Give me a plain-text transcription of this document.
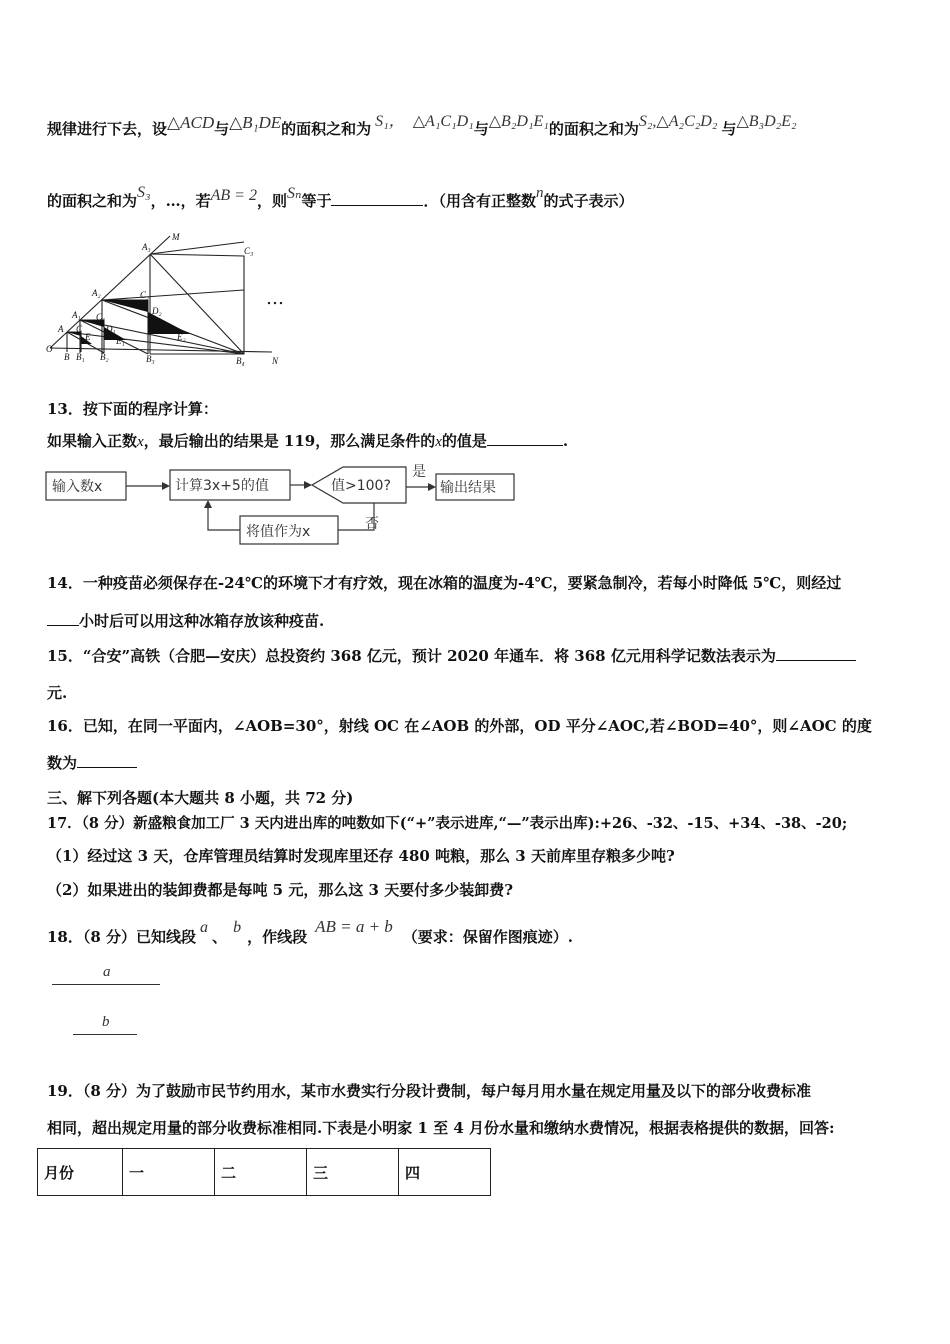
规律进行下去，设△ACD与△B₁DE的面积之和为 S₁， △A₁C₁D₁与△B₂D₁E₁的面积之和为S₂,△A₂C₂D₂ 与△B₃D₂E₂
的面积之和为S₃，…，若AB = 2，则Sₙ等于	．（用含有正整数n的式子表示）
M
A₃	C₃
A₂	C₂
A₁ C₁
D₂
A C	D₁
E₂
E	E₁
O
B B₁ B₂	B₃	B₄	N
…
13．按下面的程序计算：
如果输入正数x，最后输出的结果是 119，那么满足条件的x的值是	.
输入数x	计算3x+5的值	值>100?	输出结果
将值作为x
是
否
14．一种疫苗必须保存在-24℃的环境下才有疗效，现在冰箱的温度为-4℃，要紧急制冷，若每小时降低 5℃，则经过
小时后可以用这种冰箱存放该种疫苗.
15．“合安”高铁（合肥—安庆）总投资约 368 亿元，预计 2020 年通车．将 368 亿元用科学记数法表示为
元.
16．已知，在同一平面内，∠AOB=30°，射线 OC 在∠AOB 的外部，OD 平分∠AOC,若∠BOD=40°，则∠AOC 的度
数为
三、解下列各题(本大题共 8 小题，共 72 分)
17．（8 分）新盛粮食加工厂 3 天内进出库的吨数如下(“+”表示进库,“—”表示出库):+26、-32、-15、+34、-38、-20;
（1）经过这 3 天，仓库管理员结算时发现库里还存 480 吨粮，那么 3 天前库里存粮多少吨?
（2）如果进出的装卸费都是每吨 5 元，那么这 3 天要付多少装卸费?
18．（8 分）已知线段a、b，作线段AB = a + b（要求：保留作图痕迹）.
a
b
19．（8 分）为了鼓励市民节约用水，某市水费实行分段计费制，每户每月用水量在规定用量及以下的部分收费标准
相同，超出规定用量的部分收费标准相同.下表是小明家 1 至 4 月份水量和缴纳水费情况，根据表格提供的数据，回答:
月份	一	二	三	四
